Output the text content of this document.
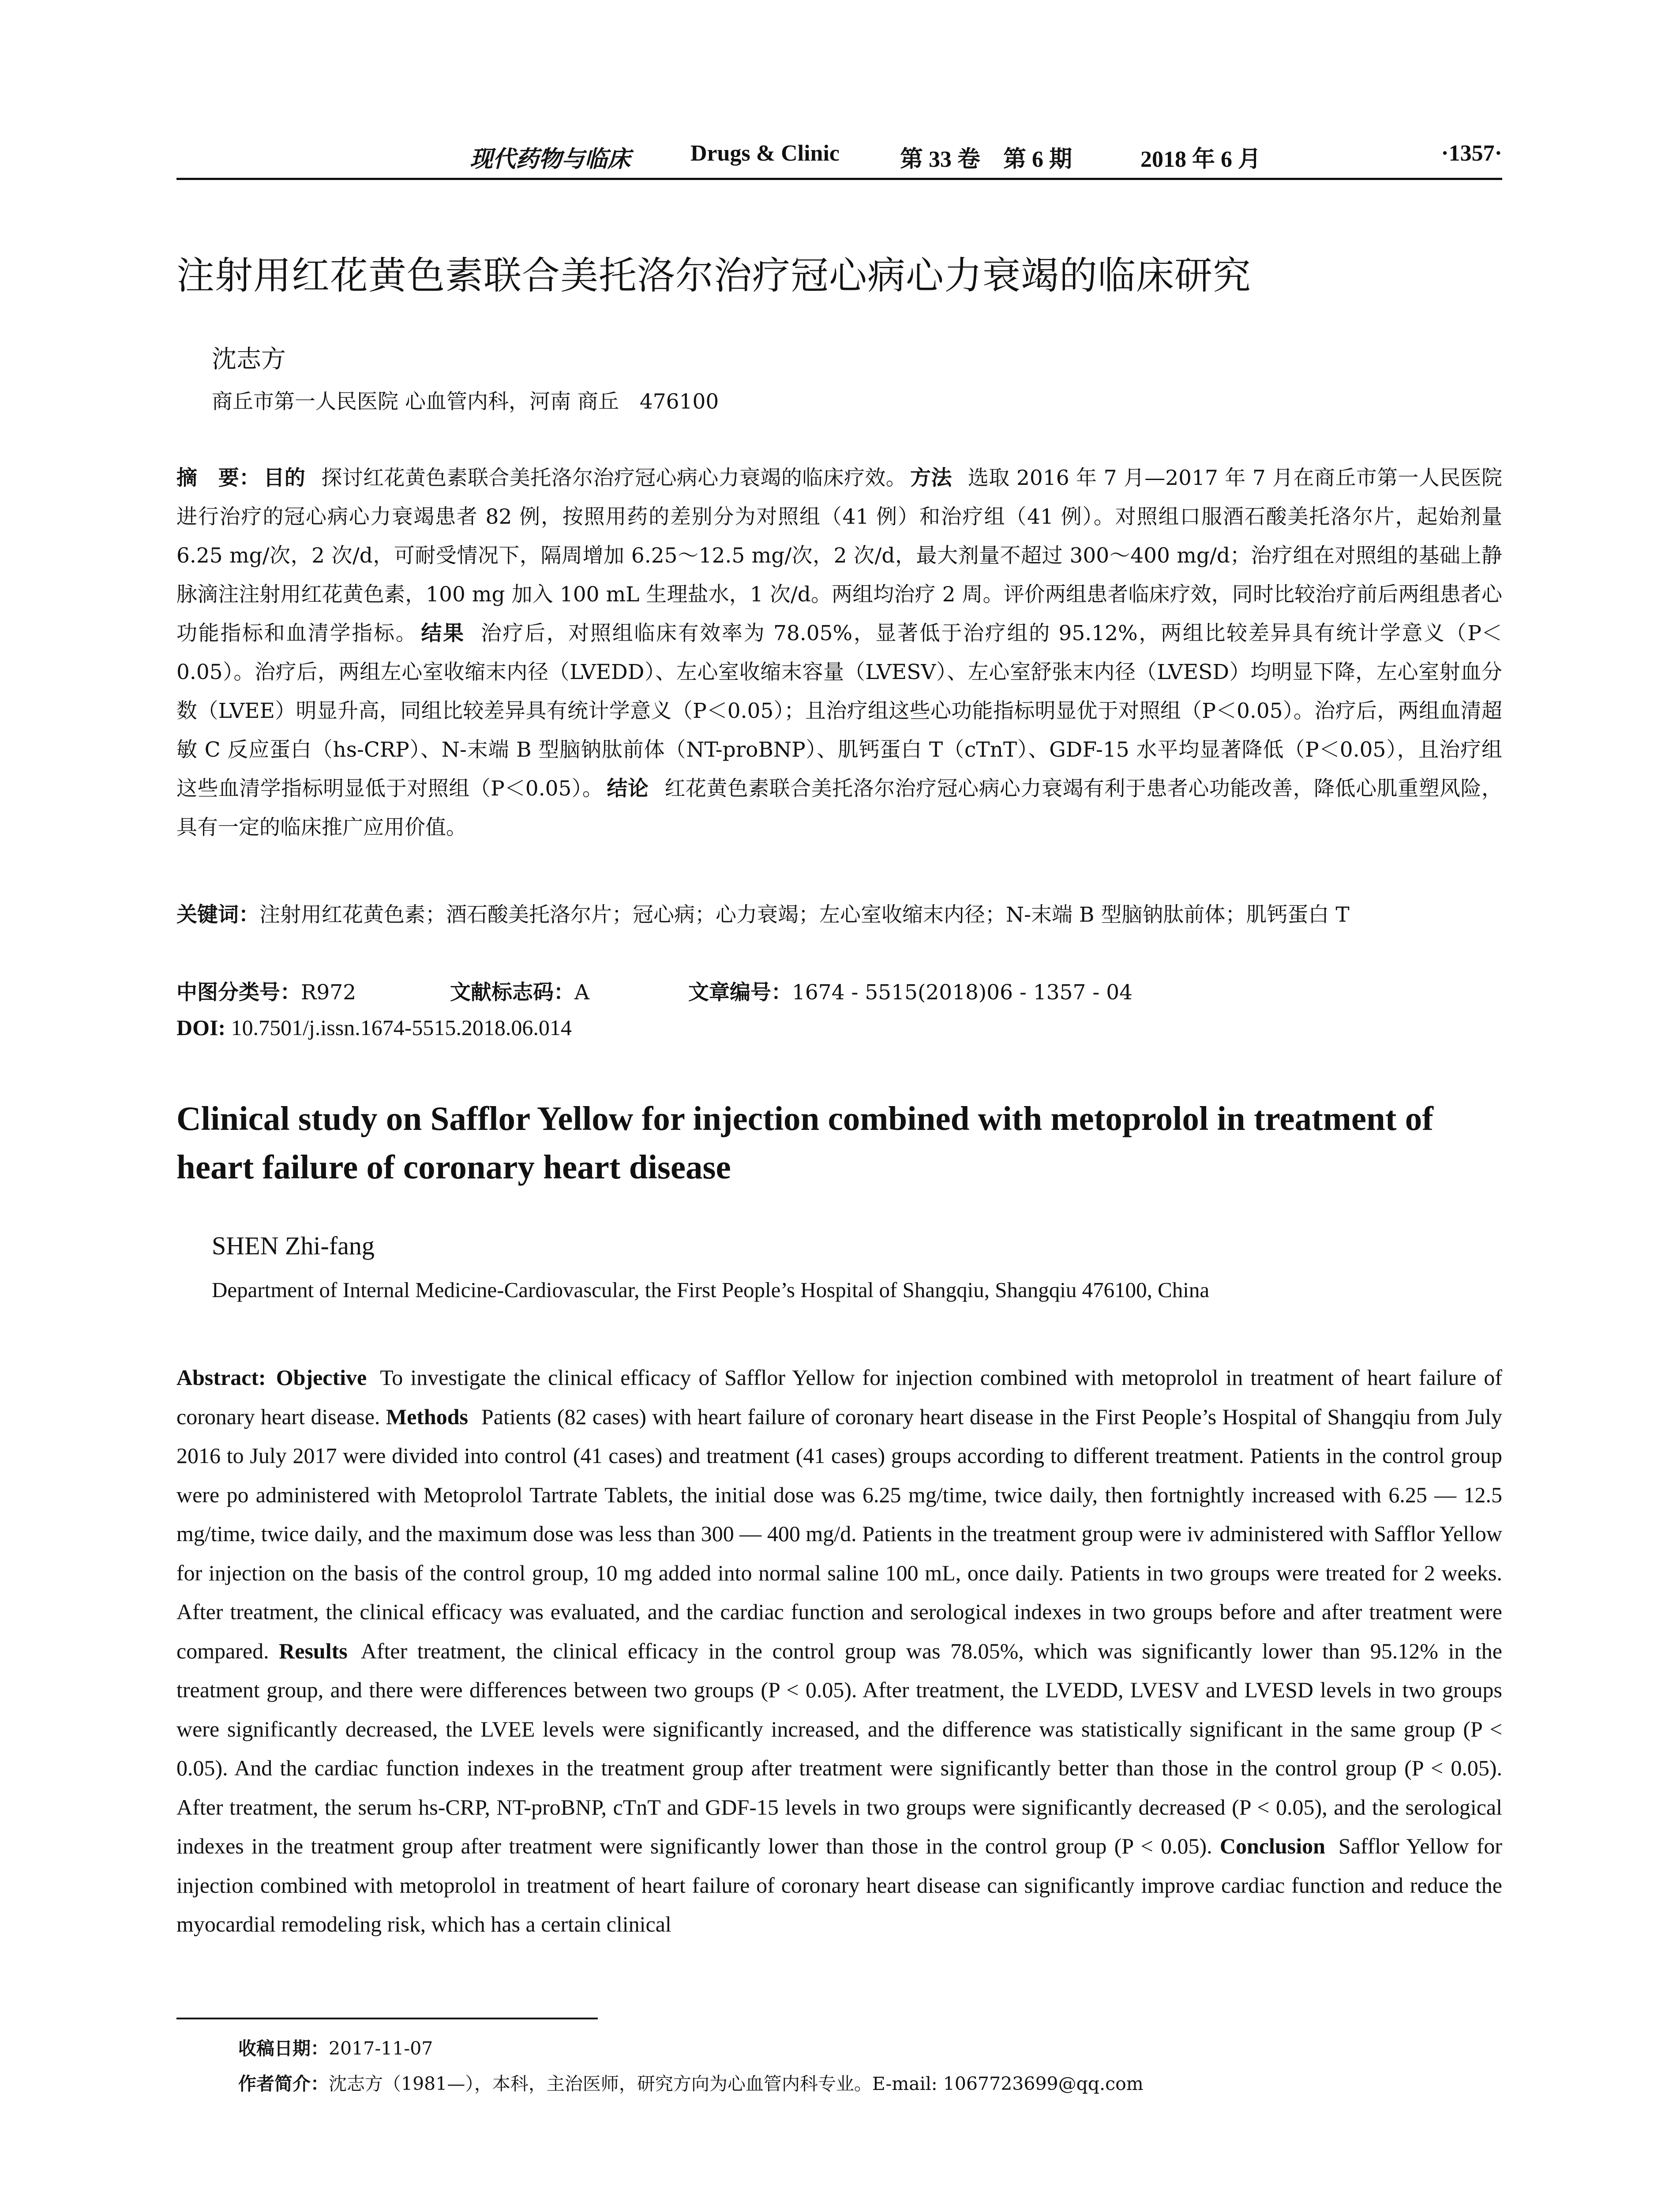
现代药物与临床	Drugs & Clinic	第 33 卷　第 6 期	2018 年 6 月	·1357·
注射用红花黄色素联合美托洛尔治疗冠心病心力衰竭的临床研究
沈志方
商丘市第一人民医院 心血管内科，河南 商丘　476100
摘　要： 目的 探讨红花黄色素联合美托洛尔治疗冠心病心力衰竭的临床疗效。 方法 选取 2016 年 7 月—2017 年 7 月在商丘市第一人民医院进行治疗的冠心病心力衰竭患者 82 例，按照用药的差别分为对照组（41 例）和治疗组（41 例）。对照组口服酒石酸美托洛尔片，起始剂量 6.25 mg/次，2 次/d，可耐受情况下，隔周增加 6.25～12.5 mg/次，2 次/d，最大剂量不超过 300～400 mg/d；治疗组在对照组的基础上静脉滴注注射用红花黄色素，100 mg 加入 100 mL 生理盐水，1 次/d。两组均治疗 2 周。评价两组患者临床疗效，同时比较治疗前后两组患者心功能指标和血清学指标。 结果 治疗后，对照组临床有效率为 78.05%，显著低于治疗组的 95.12%，两组比较差异具有统计学意义（P＜0.05）。治疗后，两组左心室收缩末内径（LVEDD）、左心室收缩末容量（LVESV）、左心室舒张末内径（LVESD）均明显下降，左心室射血分数（LVEE）明显升高，同组比较差异具有统计学意义（P＜0.05）；且治疗组这些心功能指标明显优于对照组（P＜0.05）。治疗后，两组血清超敏 C 反应蛋白（hs-CRP）、N-末端 B 型脑钠肽前体（NT-proBNP）、肌钙蛋白 T（cTnT）、GDF-15 水平均显著降低（P＜0.05），且治疗组这些血清学指标明显低于对照组（P＜0.05）。 结论 红花黄色素联合美托洛尔治疗冠心病心力衰竭有利于患者心功能改善，降低心肌重塑风险，具有一定的临床推广应用价值。
关键词：注射用红花黄色素；酒石酸美托洛尔片；冠心病；心力衰竭；左心室收缩末内径；N-末端 B 型脑钠肽前体；肌钙蛋白 T
中图分类号：R972	文献标志码：A	文章编号：1674 - 5515(2018)06 - 1357 - 04
DOI: 10.7501/j.issn.1674-5515.2018.06.014
Clinical study on Safflor Yellow for injection combined with metoprolol in treatment of heart failure of coronary heart disease
SHEN Zhi-fang
Department of Internal Medicine-Cardiovascular, the First People’s Hospital of Shangqiu, Shangqiu 476100, China
Abstract: Objective To investigate the clinical efficacy of Safflor Yellow for injection combined with metoprolol in treatment of heart failure of coronary heart disease. Methods Patients (82 cases) with heart failure of coronary heart disease in the First People’s Hospital of Shangqiu from July 2016 to July 2017 were divided into control (41 cases) and treatment (41 cases) groups according to different treatment. Patients in the control group were po administered with Metoprolol Tartrate Tablets, the initial dose was 6.25 mg/time, twice daily, then fortnightly increased with 6.25 — 12.5 mg/time, twice daily, and the maximum dose was less than 300 — 400 mg/d. Patients in the treatment group were iv administered with Safflor Yellow for injection on the basis of the control group, 10 mg added into normal saline 100 mL, once daily. Patients in two groups were treated for 2 weeks. After treatment, the clinical efficacy was evaluated, and the cardiac function and serological indexes in two groups before and after treatment were compared. Results After treatment, the clinical efficacy in the control group was 78.05%, which was significantly lower than 95.12% in the treatment group, and there were differences between two groups (P < 0.05). After treatment, the LVEDD, LVESV and LVESD levels in two groups were significantly decreased, the LVEE levels were significantly increased, and the difference was statistically significant in the same group (P < 0.05). And the cardiac function indexes in the treatment group after treatment were significantly better than those in the control group (P < 0.05). After treatment, the serum hs-CRP, NT-proBNP, cTnT and GDF-15 levels in two groups were significantly decreased (P < 0.05), and the serological indexes in the treatment group after treatment were significantly lower than those in the control group (P < 0.05). Conclusion Safflor Yellow for injection combined with metoprolol in treatment of heart failure of coronary heart disease can significantly improve cardiac function and reduce the myocardial remodeling risk, which has a certain clinical
收稿日期：2017-11-07
作者简介：沈志方（1981—），本科，主治医师，研究方向为心血管内科专业。E-mail: 1067723699@qq.com
